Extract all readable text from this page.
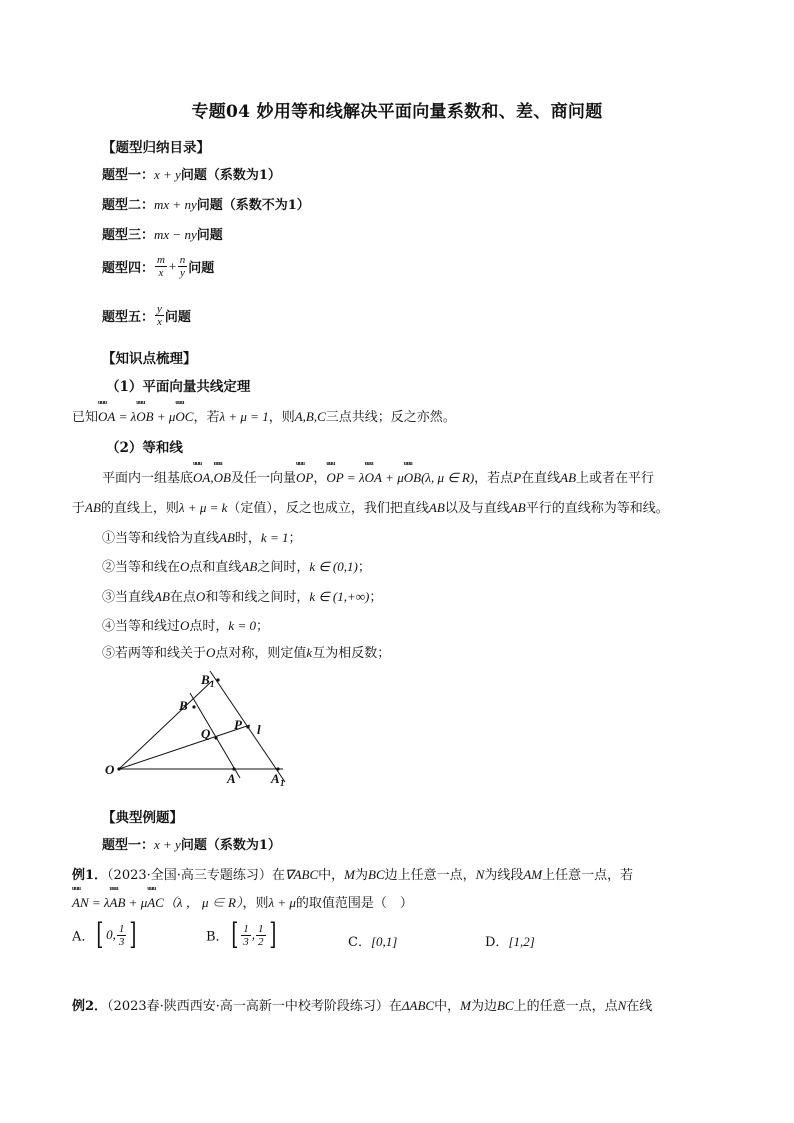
专题04 妙用等和线解决平面向量系数和、差、商问题
【题型归纳目录】
题型一：x + y问题（系数为1）
题型二：mx + ny问题（系数不为1）
题型三：mx − ny问题
题型四： $\frac{m}{x} + \frac{n}{y}$ 问题
题型五： $\frac{y}{x}$ 问题
【知识点梳理】
（1）平面向量共线定理
已知uuu OA = λuuu OB + μuuu OC，若λ + μ = 1，则A,B,C三点共线；反之亦然。
（2）等和线
平面内一组基底uuu OA,uuu OB及任一向量uuu OP，uuu OP = λuuu OA + μuuu OB(λ, μ ∈ R)，若点P在直线AB上或者在平行
于AB的直线上，则λ + μ = k（定值），反之也成立，我们把直线AB以及与直线AB平行的直线称为等和线。
①当等和线恰为直线AB时，k = 1；
②当等和线在O点和直线AB之间时，k ∈ (0,1)；
③当直线AB在点O和等和线之间时，k ∈ (1,+∞)；
④当等和线过O点时，k = 0；
⑤若两等和线关于O点对称，则定值k互为相反数；
O
A	A 1
B
B 1
Q
P l
【典型例题】
题型一：x + y问题（系数为1）
例1．（2023·全国·高三专题练习）在∇ABC中，M为BC边上任意一点，N为线段AM上任意一点，若
uuu AN = λuuu AB + μuuu AC（λ ， μ ∈ R），则λ + μ的取值范围是（　）
A． [ 0, $\frac{1}{3}$ ]	B． [ $\frac{1}{3}$ , $\frac{1}{2}$ ]	C．[0,1]	D．[1,2]
例2．（2023春·陕西西安·高一高新一中校考阶段练习）在ΔABC中，M为边BC上的任意一点，点N在线
